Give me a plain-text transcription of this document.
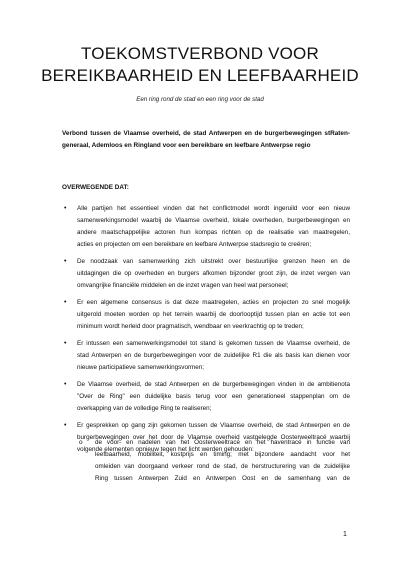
TOEKOMSTVERBOND VOOR
BEREIKBAARHEID EN LEEFBAARHEID
Een ring rond de stad en een ring voor de stad

Verbond tussen de Vlaamse overheid, de stad Antwerpen en de burgerbewegingen stRaten-
generaal, Ademloos en Ringland voor een bereikbare en leefbare Antwerpse regio

OVERWEGENDE DAT:

• Alle partijen het essentieel vinden dat het conflictmodel wordt ingeruild voor een nieuw
samenwerkingsmodel waarbij de Vlaamse overheid, lokale overheden, burgerbewegingen en
andere maatschappelijke actoren hun kompas richten op de realisatie van maatregelen,
acties en projecten om een bereikbare en leefbare Antwerpse stadsregio te creëren;
• De noodzaak van samenwerking zich uitstrekt over bestuurlijke grenzen heen en de
uitdagingen die op overheden en burgers afkomen bijzonder groot zijn, de inzet vergen van
omvangrijke financiële middelen en de inzet vragen van heel wat personeel;
• Er een algemene consensus is dat deze maatregelen, acties en projecten zo snel mogelijk
uitgerold moeten worden op het terrein waarbij de doorlooptijd tussen plan en actie tot een
minimum wordt herleid door pragmatisch, wendbaar en veerkrachtig op te treden;
• Er intussen een samenwerkingsmodel tot stand is gekomen tussen de Vlaamse overheid, de
stad Antwerpen en de burgerbewegingen voor de zuidelijke R1 die als basis kan dienen voor
nieuwe participatieve samenwerkingsvormen;
• De Vlaamse overheid, de stad Antwerpen en de burgerbewegingen vinden in de ambitienota
"Over de Ring" een duidelijke basis terug voor een generationeel stappenplan om de
overkapping van de volledige Ring te realiseren;
• Er gesprekken op gang zijn gekomen tussen de Vlaamse overheid, de stad Antwerpen en de
burgerbewegingen over het door de Vlaamse overheid vastgelegde Oosterweeltracé waarbij
volgende elementen opnieuw tegen het licht werden gehouden:
o de voor- en nadelen van het Oosterweeltracé en het haventracé in functie van
leefbaarheid, mobiliteit, kostprijs en timing; met bijzondere aandacht voor het
omleiden van doorgaand verkeer rond de stad, de herstructurering van de zuidelijke
Ring tussen Antwerpen Zuid en Antwerpen Oost en de samenhang van de
1
